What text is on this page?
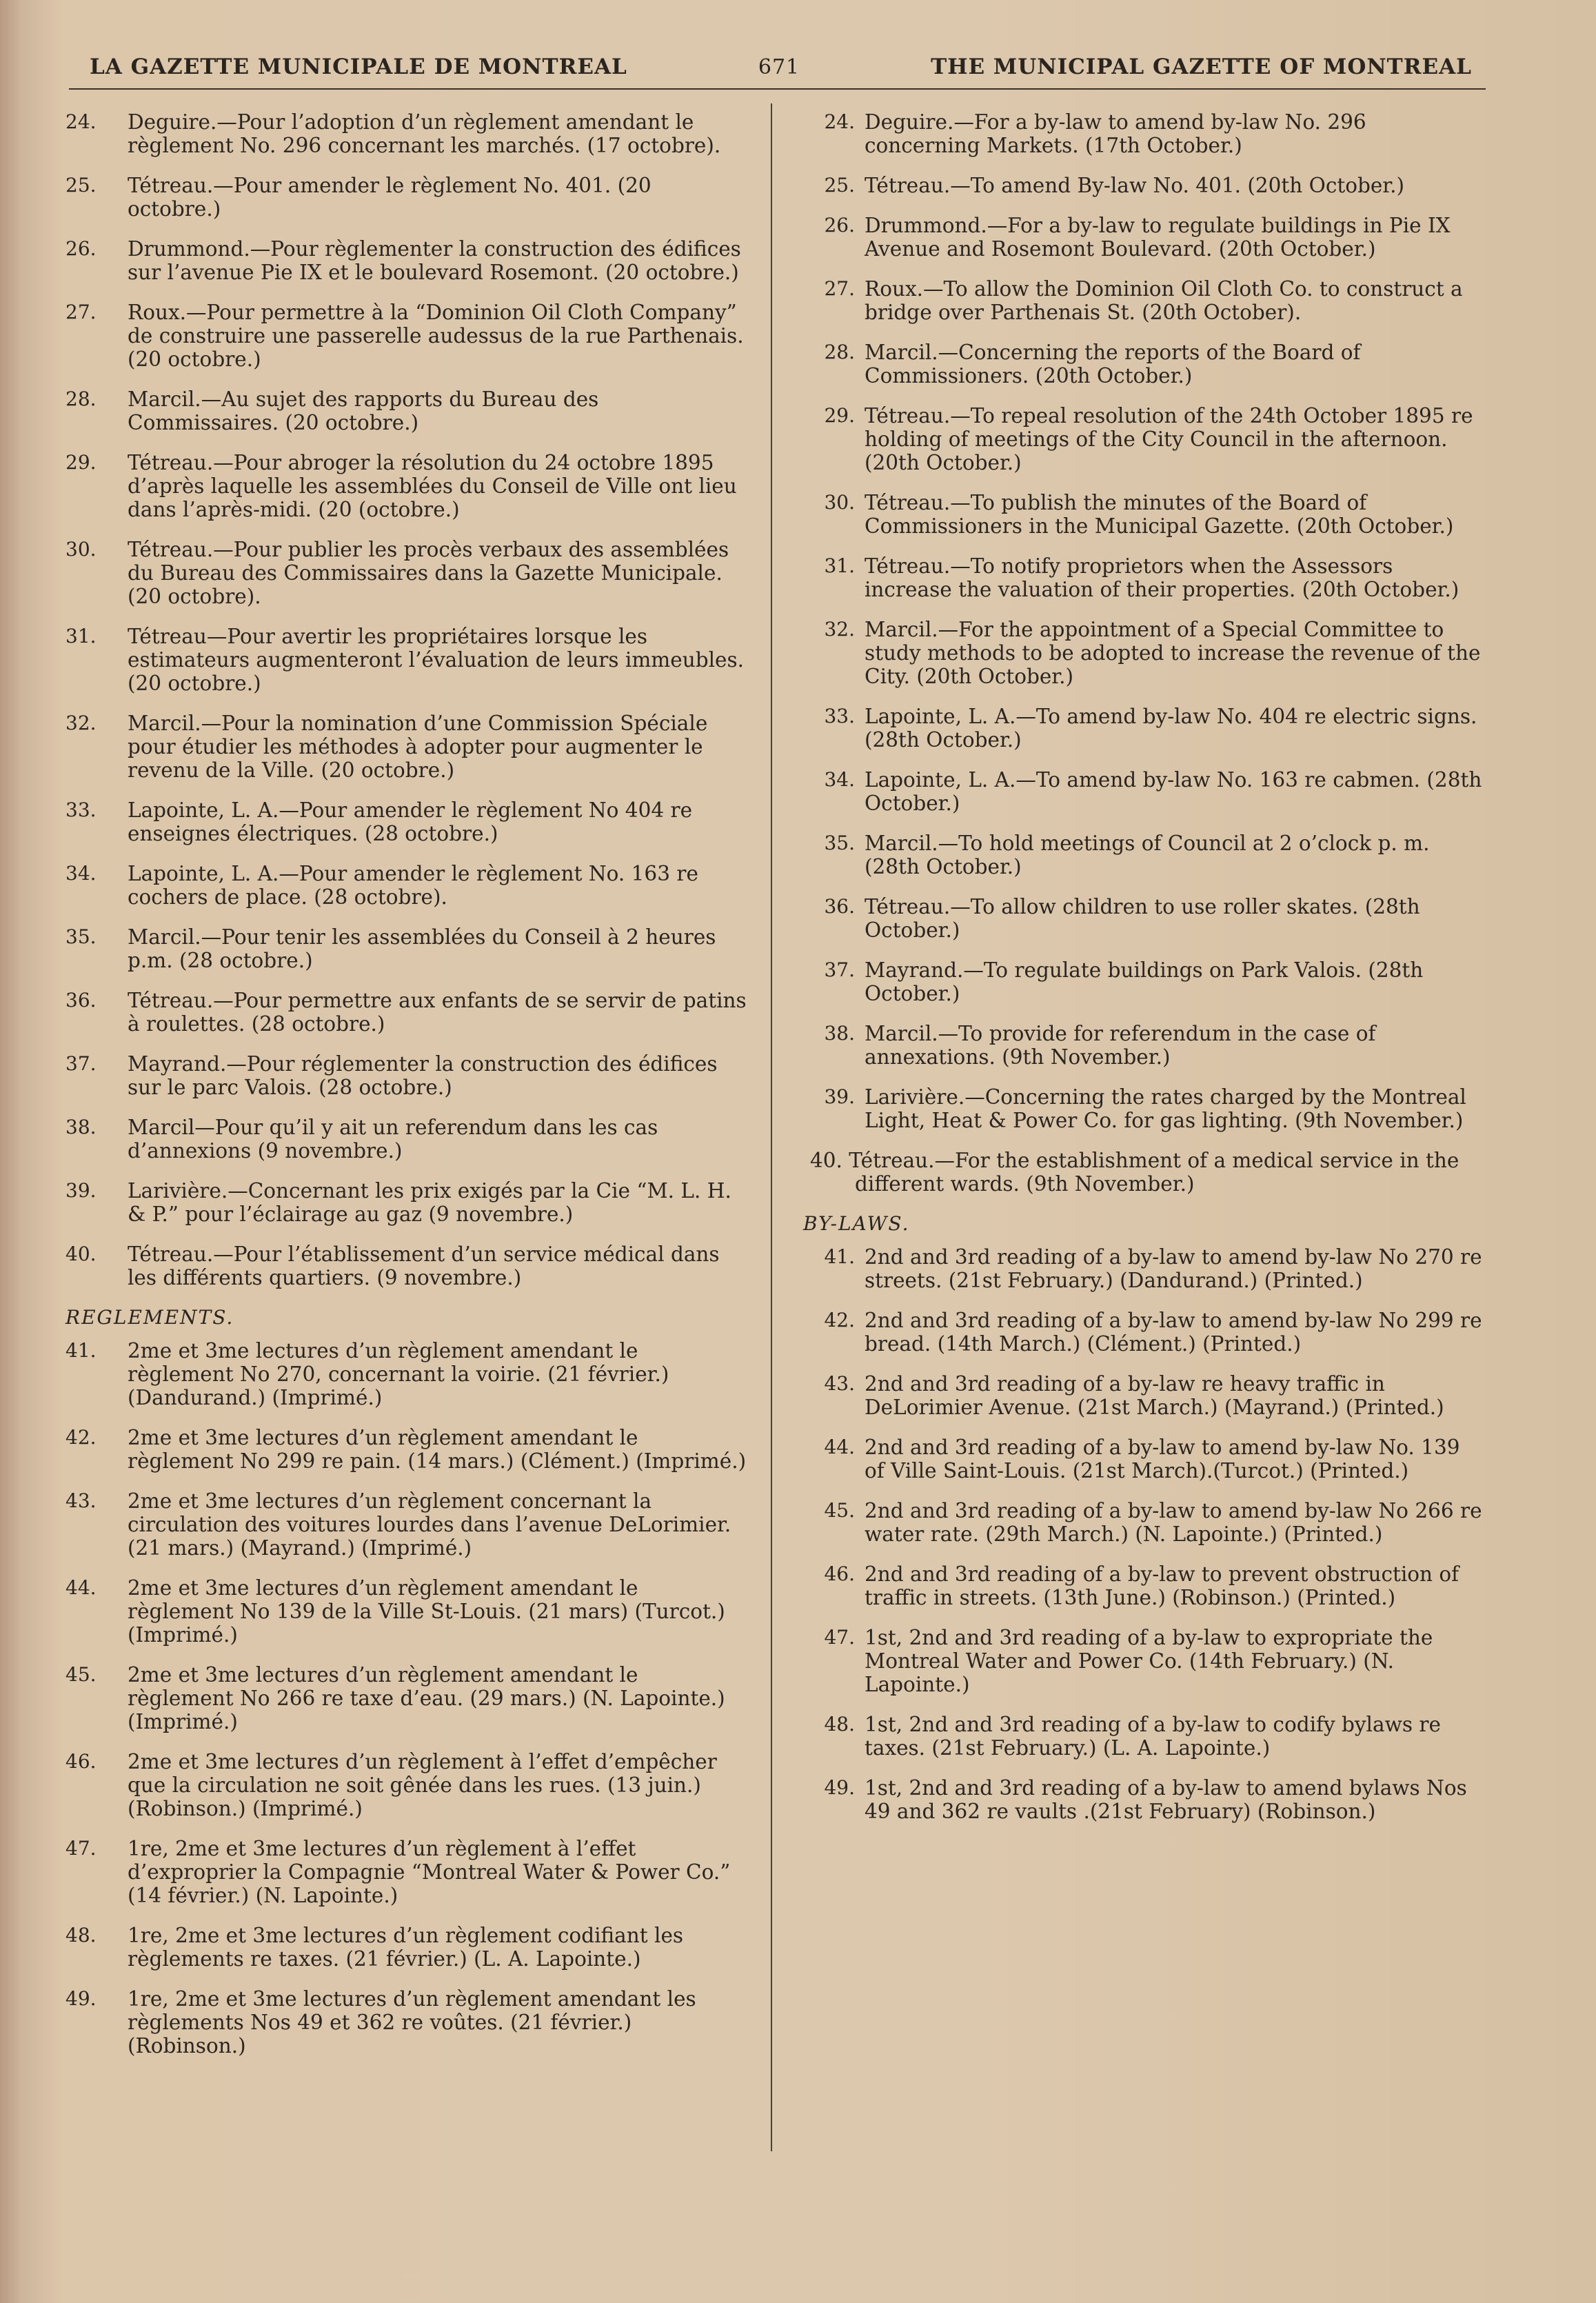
LA GAZETTE MUNICIPALE DE MONTREAL	671	THE MUNICIPAL GAZETTE OF MONTREAL
24.	Deguire.—Pour l’adoption d’un règlement amendant le règlement No. 296 concernant les marchés. (17 octobre).
25.	Tétreau.—Pour amender le règlement No. 401. (20 octobre.)
26.	Drummond.—Pour règlementer la construction des édifices sur l’avenue Pie IX et le boulevard Rosemont. (20 octobre.)
27.	Roux.—Pour permettre à la “Dominion Oil Cloth Company” de construire une passerelle audessus de la rue Parthenais. (20 octobre.)
28.	Marcil.—Au sujet des rapports du Bureau des Commissaires. (20 octobre.)
29.	Tétreau.—Pour abroger la résolution du 24 octobre 1895 d’après laquelle les assemblées du Conseil de Ville ont lieu dans l’après-midi. (20 (octobre.)
30.	Tétreau.—Pour publier les procès verbaux des assemblées du Bureau des Commissaires dans la Gazette Municipale. (20 octobre).
31.	Tétreau—Pour avertir les propriétaires lorsque les estimateurs augmenteront l’évaluation de leurs immeubles. (20 octobre.)
32.	Marcil.—Pour la nomination d’une Commission Spéciale pour étudier les méthodes à adopter pour augmenter le revenu de la Ville. (20 octobre.)
33.	Lapointe, L. A.—Pour amender le règlement No 404 re enseignes électriques. (28 octobre.)
34.	Lapointe, L. A.—Pour amender le règlement No. 163 re cochers de place. (28 octobre).
35.	Marcil.—Pour tenir les assemblées du Conseil à 2 heures p.m. (28 octobre.)
36.	Tétreau.—Pour permettre aux enfants de se servir de patins à roulettes. (28 octobre.)
37.	Mayrand.—Pour réglementer la construction des édifices sur le parc Valois. (28 octobre.)
38.	Marcil—Pour qu’il y ait un referendum dans les cas d’annexions (9 novembre.)
39.	Larivière.—Concernant les prix exigés par la Cie “M. L. H. & P.” pour l’éclairage au gaz (9 novembre.)
40.	Tétreau.—Pour l’établissement d’un service médical dans les différents quartiers. (9 novembre.)
REGLEMENTS.
41.	2me et 3me lectures d’un règlement amendant le règlement No 270, concernant la voirie. (21 février.) (Dandurand.) (Imprimé.)
42.	2me et 3me lectures d’un règlement amendant le règlement No 299 re pain. (14 mars.) (Clément.) (Imprimé.)
43.	2me et 3me lectures d’un règlement concernant la circulation des voitures lourdes dans l’avenue DeLorimier. (21 mars.) (Mayrand.) (Imprimé.)
44.	2me et 3me lectures d’un règlement amendant le règlement No 139 de la Ville St-Louis. (21 mars) (Turcot.) (Imprimé.)
45.	2me et 3me lectures d’un règlement amendant le règlement No 266 re taxe d’eau. (29 mars.) (N. Lapointe.) (Imprimé.)
46.	2me et 3me lectures d’un règlement à l’effet d’empêcher que la circulation ne soit gênée dans les rues. (13 juin.) (Robinson.) (Imprimé.)
47.	1re, 2me et 3me lectures d’un règlement à l’effet d’exproprier la Compagnie “Montreal Water & Power Co.” (14 février.) (N. Lapointe.)
48.	1re, 2me et 3me lectures d’un règlement codifiant les règlements re taxes. (21 février.) (L. A. Lapointe.)
49.	1re, 2me et 3me lectures d’un règlement amendant les règlements Nos 49 et 362 re voûtes. (21 février.) (Robinson.)
24. Deguire.—For a by-law to amend by-law No. 296 concerning Markets. (17th October.)
25. Tétreau.—To amend By-law No. 401. (20th October.)
26. Drummond.—For a by-law to regulate buildings in Pie IX Avenue and Rosemont Boulevard. (20th October.)
27. Roux.—To allow the Dominion Oil Cloth Co. to construct a bridge over Parthenais St. (20th October).
28. Marcil.—Concerning the reports of the Board of Commissioners. (20th October.)
29. Tétreau.—To repeal resolution of the 24th October 1895 re holding of meetings of the City Council in the afternoon. (20th October.)
30. Tétreau.—To publish the minutes of the Board of Commissioners in the Municipal Gazette. (20th October.)
31. Tétreau.—To notify proprietors when the Assessors increase the valuation of their properties. (20th October.)
32. Marcil.—For the appointment of a Special Committee to study methods to be adopted to increase the revenue of the City. (20th October.)
33. Lapointe, L. A.—To amend by-law No. 404 re electric signs. (28th October.)
34. Lapointe, L. A.—To amend by-law No. 163 re cabmen. (28th October.)
35. Marcil.—To hold meetings of Council at 2 o’clock p. m. (28th October.)
36. Tétreau.—To allow children to use roller skates. (28th October.)
37. Mayrand.—To regulate buildings on Park Valois. (28th October.)
38. Marcil.—To provide for referendum in the case of annexations. (9th November.)
39. Larivière.—Concerning the rates charged by the Montreal Light, Heat & Power Co. for gas lighting. (9th November.)
40. Tétreau.—For the establishment of a medical service in the different wards. (9th November.)
BY-LAWS.
41. 2nd and 3rd reading of a by-law to amend by-law No 270 re streets. (21st February.) (Dandurand.) (Printed.)
42. 2nd and 3rd reading of a by-law to amend by-law No 299 re bread. (14th March.) (Clément.) (Printed.)
43. 2nd and 3rd reading of a by-law re heavy traffic in DeLorimier Avenue. (21st March.) (Mayrand.) (Printed.)
44. 2nd and 3rd reading of a by-law to amend by-law No. 139 of Ville Saint-Louis. (21st March).(Turcot.) (Printed.)
45. 2nd and 3rd reading of a by-law to amend by-law No 266 re water rate. (29th March.) (N. Lapointe.) (Printed.)
46. 2nd and 3rd reading of a by-law to prevent obstruction of traffic in streets. (13th June.) (Robinson.) (Printed.)
47. 1st, 2nd and 3rd reading of a by-law to expropriate the Montreal Water and Power Co. (14th February.) (N. Lapointe.)
48. 1st, 2nd and 3rd reading of a by-law to codify bylaws re taxes. (21st February.) (L. A. Lapointe.)
49. 1st, 2nd and 3rd reading of a by-law to amend bylaws Nos 49 and 362 re vaults .(21st February) (Robinson.)
